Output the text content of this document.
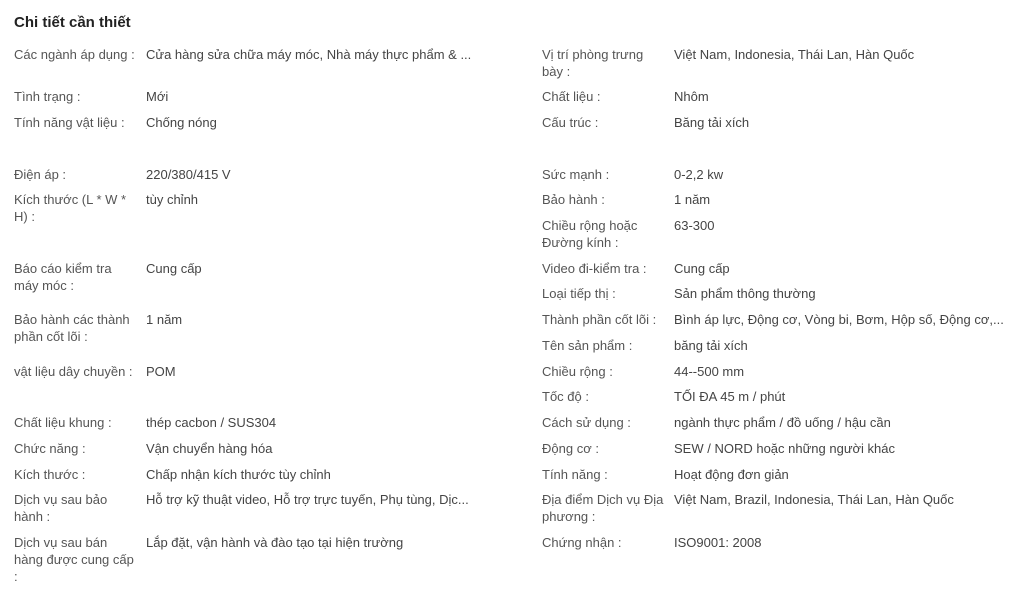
Chi tiết cần thiết
Các ngành áp dụng : Cửa hàng sửa chữa máy móc, Nhà máy thực phẩm & ...
Tình trạng :	Mới
Tính năng vật liệu :	Chống nóng
Điện áp :	220/380/415 V
Kích thước (L * W * H) :
tùy chỉnh
Báo cáo kiểm tra máy móc :
Cung cấp
Bảo hành các thành phần cốt lõi :
1 năm
vật liệu dây chuyền : POM
Chất liệu khung :	thép cacbon / SUS304
Chức năng :	Vận chuyển hàng hóa
Kích thước :	Chấp nhận kích thước tùy chỉnh
Dịch vụ sau bảo hành :
Hỗ trợ kỹ thuật video, Hỗ trợ trực tuyến, Phụ tùng, Dịc...
Dịch vụ sau bán hàng được cung cấp :
Lắp đặt, vận hành và đào tạo tại hiện trường
Vị trí phòng trưng bày :
Việt Nam, Indonesia, Thái Lan, Hàn Quốc
Chất liệu :	Nhôm
Cấu trúc :	Băng tải xích
Sức mạnh :	0-2,2 kw
Bảo hành :	1 năm
Chiều rộng hoặc Đường kính :
63-300
Video đi-kiểm tra :	Cung cấp
Loại tiếp thị :	Sản phẩm thông thường
Thành phần cốt lõi :	Bình áp lực, Động cơ, Vòng bi, Bơm, Hộp số, Động cơ,...
Tên sản phẩm :	băng tải xích
Chiều rộng :	44--500 mm
Tốc độ :	TỐI ĐA 45 m / phút
Cách sử dụng :	ngành thực phẩm / đồ uống / hậu cần
Động cơ :	SEW / NORD hoặc những người khác
Tính năng :	Hoạt động đơn giản
Địa điểm Dịch vụ Địa phương :
Việt Nam, Brazil, Indonesia, Thái Lan, Hàn Quốc
Chứng nhận :	ISO9001: 2008
